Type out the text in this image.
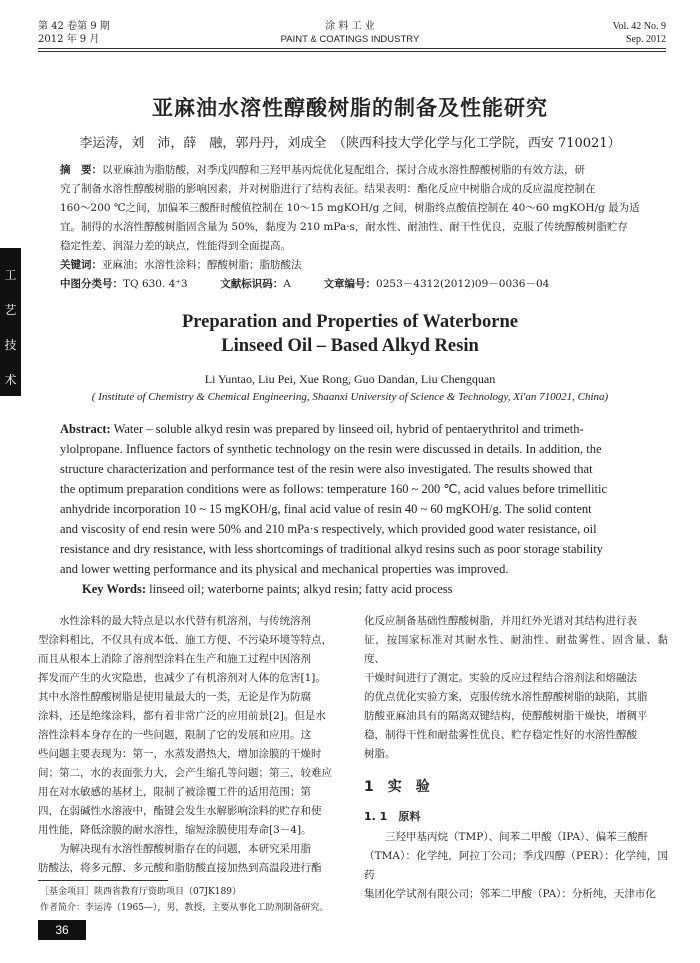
第 42 卷第 9 期
2012 年 9 月
涂 料 工 业
PAINT & COATINGS INDUSTRY
Vol. 42 No. 9
Sep. 2012
工
艺
技
术
亚麻油水溶性醇酸树脂的制备及性能研究
李运涛，刘　沛，薛　融，郭丹丹，刘成全　（陕西科技大学化学与化工学院，西安 710021）
摘　要：以亚麻油为脂肪酸，对季戊四醇和三羟甲基丙烷优化复配组合，探讨合成水溶性醇酸树脂的有效方法，研
究了制备水溶性醇酸树脂的影响因素，并对树脂进行了结构表征。结果表明：酯化反应中树脂合成的反应温度控制在
160～200 ℃之间，加偏苯三酸酐时酸值控制在 10～15 mgKOH/g 之间，树脂终点酸值控制在 40～60 mgKOH/g 最为适
宜。制得的水溶性醇酸树脂固含量为 50%，黏度为 210 mPa·s，耐水性、耐油性、耐干性优良，克服了传统醇酸树脂贮存
稳定性差、润湿力差的缺点，性能得到全面提高。
关键词：亚麻油；水溶性涂料；醇酸树脂；脂肪酸法
中图分类号：TQ 630. 4⁺3	文献标识码：A	文章编号：0253－4312(2012)09－0036－04
Preparation and Properties of Waterborne
Linseed Oil – Based Alkyd Resin
Li Yuntao, Liu Pei, Xue Rong, Guo Dandan, Liu Chengquan
( Institute of Chemistry & Chemical Engineering, Shaanxi University of Science & Technology, Xi'an 710021, China)
Abstract: Water – soluble alkyd resin was prepared by linseed oil, hybrid of pentaerythritol and trimeth-
ylolpropane. Influence factors of synthetic technology on the resin were discussed in details. In addition, the
structure characterization and performance test of the resin were also investigated. The results showed that
the optimum preparation conditions were as follows: temperature 160 ~ 200 ℃, acid values before trimellitic
anhydride incorporation 10 ~ 15 mgKOH/g, final acid value of resin 40 ~ 60 mgKOH/g. The solid content
and viscosity of end resin were 50% and 210 mPa·s respectively, which provided good water resistance, oil
resistance and dry resistance, with less shortcomings of traditional alkyd resins such as poor storage stability
and lower wetting performance and its physical and mechanical properties was improved.
Key Words: linseed oil; waterborne paints; alkyd resin; fatty acid process
　　水性涂料的最大特点是以水代替有机溶剂，与传统溶剂
型涂料相比，不仅具有成本低、施工方便、不污染环境等特点，
而且从根本上消除了溶剂型涂料在生产和施工过程中因溶剂
挥发而产生的火灾隐患，也减少了有机溶剂对人体的危害[1]。
其中水溶性醇酸树脂是使用量最大的一类，无论是作为防腐
涂料，还是绝缘涂料，都有着非常广泛的应用前景[2]。但是水
溶性涂料本身存在的一些问题，限制了它的发展和应用。这
些问题主要表现为：第一，水蒸发潜热大，增加涂膜的干燥时
间；第二，水的表面张力大，会产生缩孔等问题；第三，较难应
用在对水敏感的基材上，限制了被涂覆工件的适用范围；第
四，在弱碱性水溶液中，酯键会发生水解影响涂料的贮存和使
用性能，降低涂膜的耐水溶性，缩短涂膜使用寿命[3－4]。
　　为解决现有水溶性醇酸树脂存在的问题，本研究采用脂
肪酸法，将多元醇、多元酸和脂肪酸直接加热到高温段进行酯
化反应制备基础性醇酸树脂，并用红外光谱对其结构进行表
征，按国家标准对其耐水性、耐油性、耐盐雾性、固含量、黏度、
干燥时间进行了测定。实验的反应过程结合溶剂法和熔融法
的优点优化实验方案，克服传统水溶性醇酸树脂的缺陷，其脂
肪酸亚麻油具有的隔离双键结构，使醇酸树脂干燥快，增稠平
稳，制得干性和耐盐雾性优良、贮存稳定性好的水溶性醇酸
树脂。
1　实　验
1. 1　原料
　　三羟甲基丙烷（TMP）、间苯二甲酸（IPA）、偏苯三酸酐
（TMA）：化学纯，阿拉丁公司；季戊四醇（PER）：化学纯，国药
集团化学试剂有限公司；邻苯二甲酸（PA）：分析纯，天津市化
［基金项目］陕西省教育厅资助项目（07JK189）
作者简介：李运涛（1965—），男，教授，主要从事化工助剂制备研究。
36
